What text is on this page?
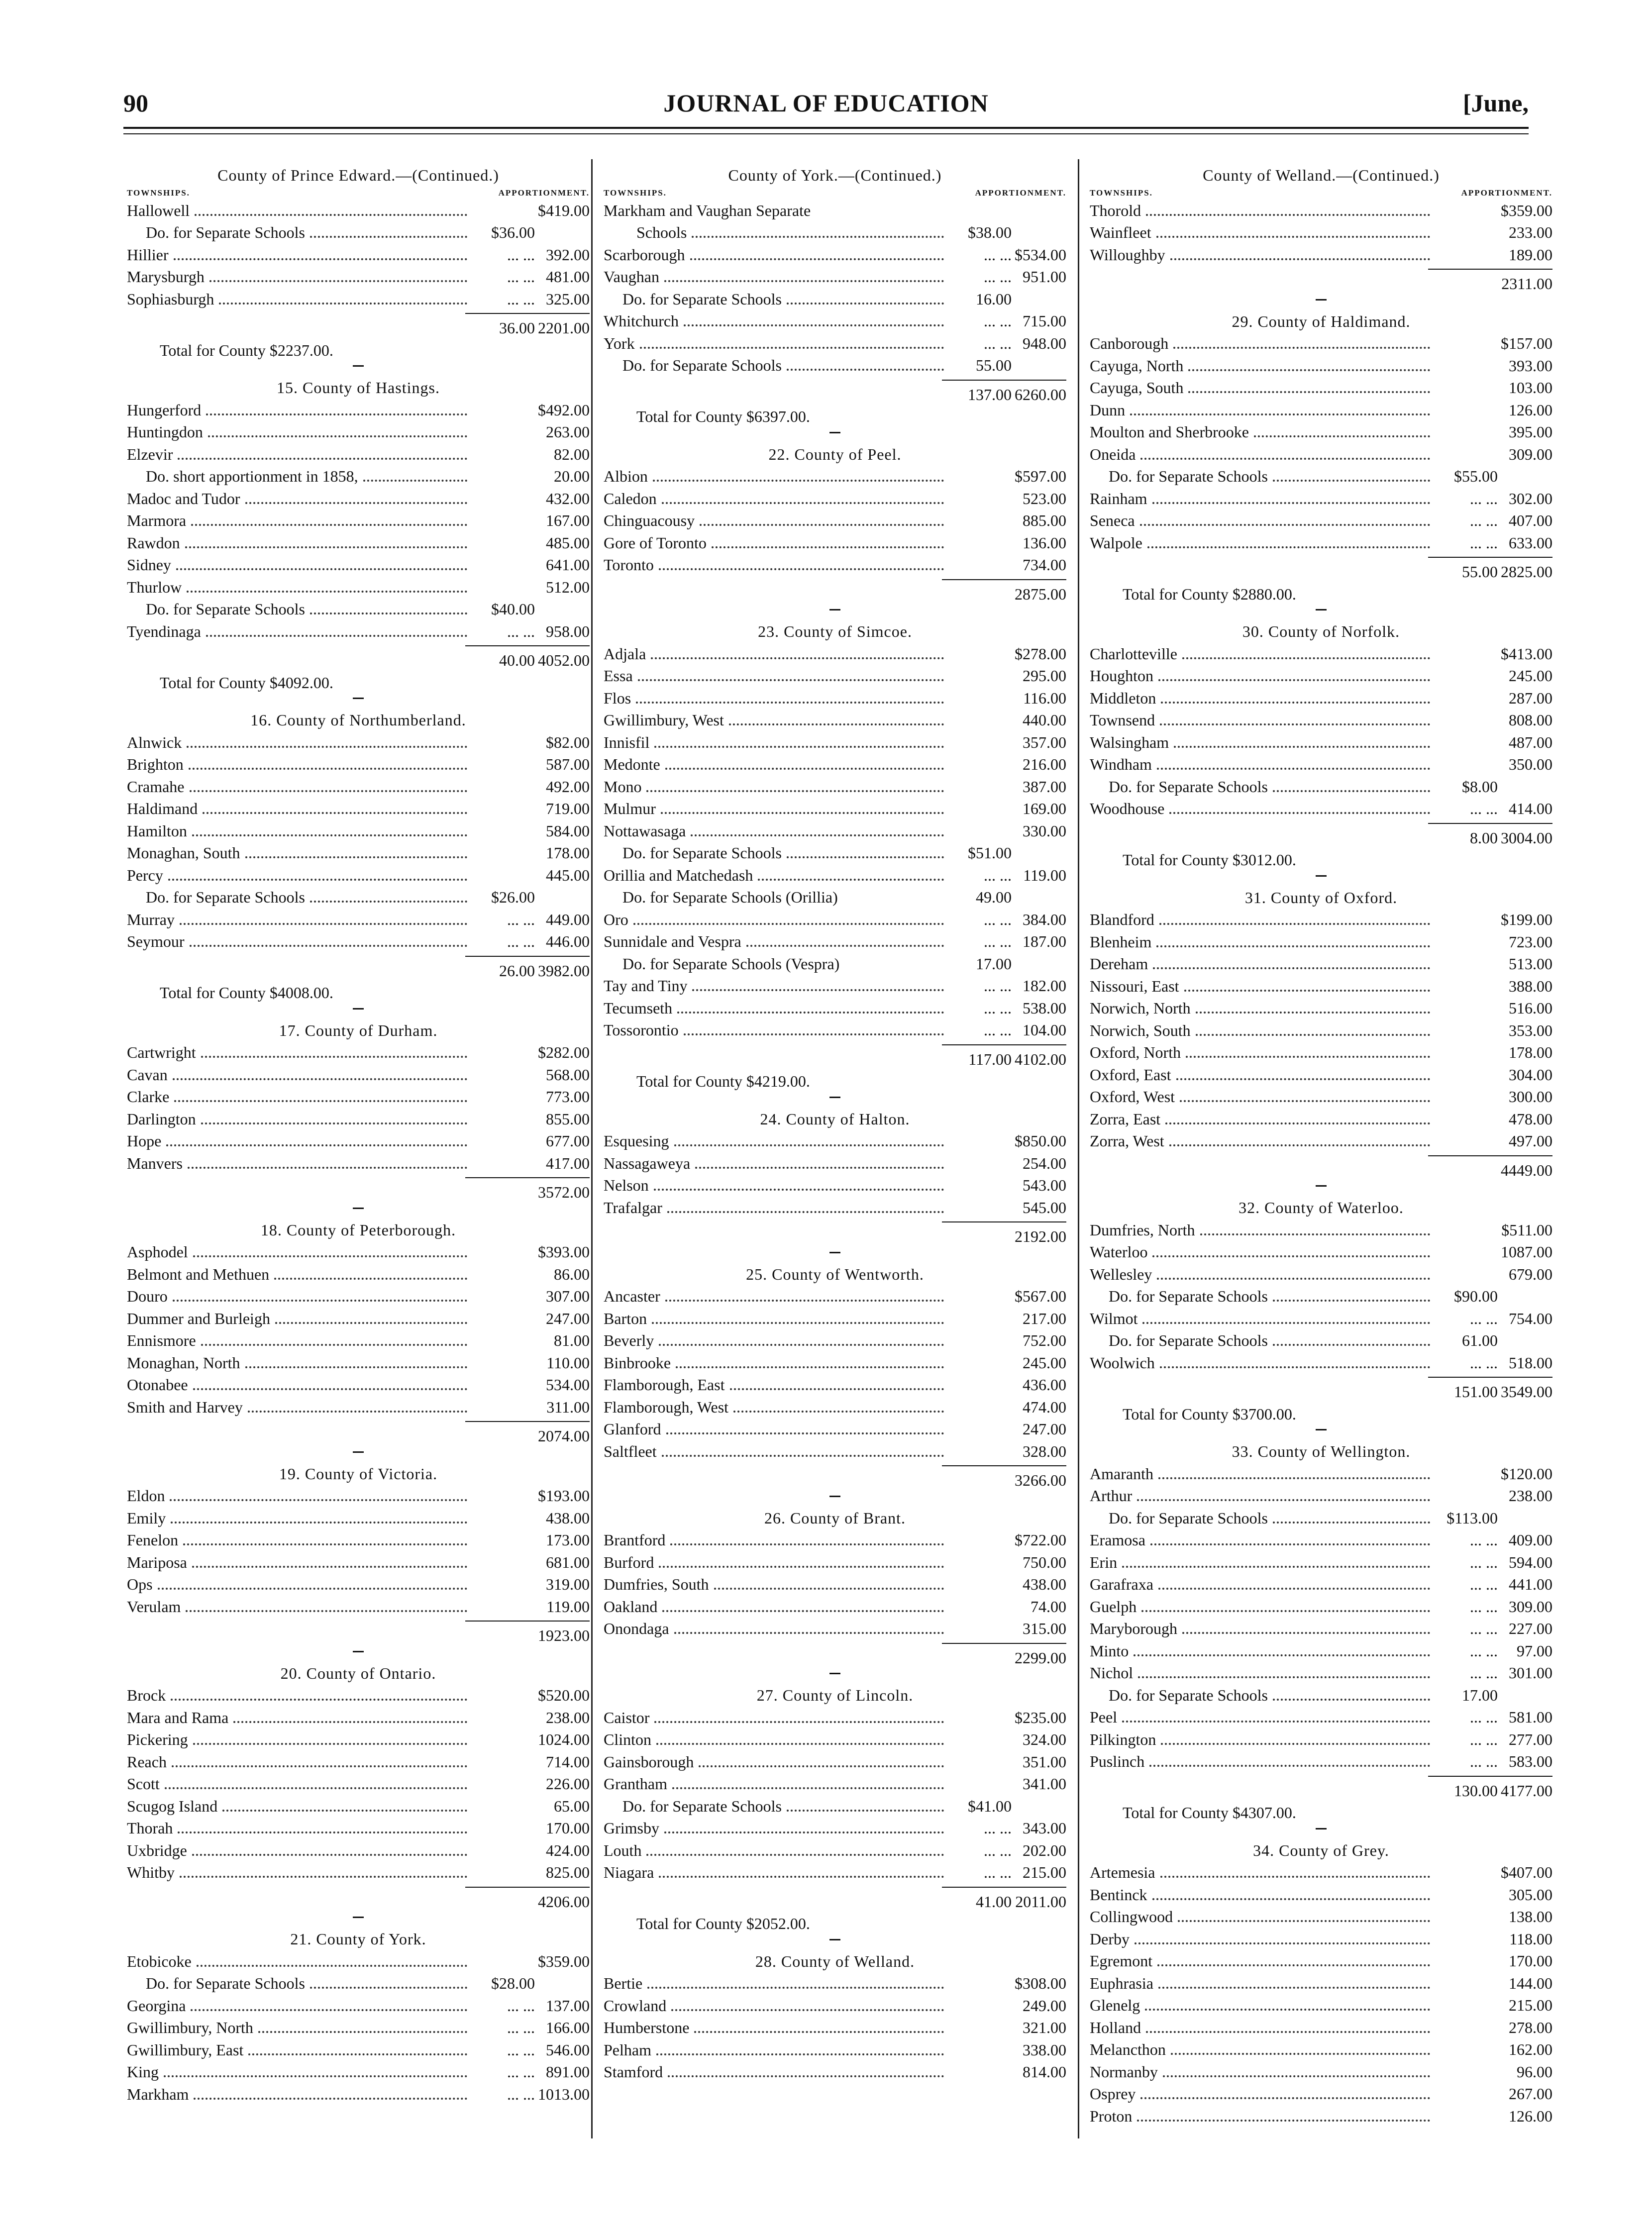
90	JOURNAL OF EDUCATION	[June,
County of Prince Edward.—(Continued.)
TOWNSHIPS.	APPORTIONMENT.
Hallowell	$419.00
Do. for Separate Schools	$36.00
Hillier	... ... 392.00
Marysburgh	... ... 481.00
Sophiasburgh	... ... 325.00
36.00 2201.00
Total for County $2237.00.
15. County of Hastings.
Hungerford	$492.00
Huntingdon	263.00
Elzevir	82.00
Do. short apportionment in 1858,	20.00
Madoc and Tudor	432.00
Marmora	167.00
Rawdon	485.00
Sidney	641.00
Thurlow	512.00
Do. for Separate Schools	$40.00
Tyendinaga	... ... 958.00
40.00 4052.00
Total for County $4092.00.
16. County of Northumberland.
Alnwick	$82.00
Brighton	587.00
Cramahe	492.00
Haldimand	719.00
Hamilton	584.00
Monaghan, South	178.00
Percy	445.00
Do. for Separate Schools	$26.00
Murray	... ... 449.00
Seymour	... ... 446.00
26.00 3982.00
Total for County $4008.00.
17. County of Durham.
Cartwright	$282.00
Cavan	568.00
Clarke	773.00
Darlington	855.00
Hope	677.00
Manvers	417.00
3572.00
18. County of Peterborough.
Asphodel	$393.00
Belmont and Methuen	86.00
Douro	307.00
Dummer and Burleigh	247.00
Ennismore	81.00
Monaghan, North	110.00
Otonabee	534.00
Smith and Harvey	311.00
2074.00
19. County of Victoria.
Eldon	$193.00
Emily	438.00
Fenelon	173.00
Mariposa	681.00
Ops	319.00
Verulam	119.00
1923.00
20. County of Ontario.
Brock	$520.00
Mara and Rama	238.00
Pickering	1024.00
Reach	714.00
Scott	226.00
Scugog Island	65.00
Thorah	170.00
Uxbridge	424.00
Whitby	825.00
4206.00
21. County of York.
Etobicoke	$359.00
Do. for Separate Schools	$28.00
Georgina	... ... 137.00
Gwillimbury, North	... ... 166.00
Gwillimbury, East	... ... 546.00
King	... ... 891.00
Markham	... ... 1013.00
County of York.—(Continued.)
TOWNSHIPS.	APPORTIONMENT.
Markham and Vaughan Separate
Schools	$38.00
Scarborough	... ... $534.00
Vaughan	... ... 951.00
Do. for Separate Schools	16.00
Whitchurch	... ... 715.00
York	... ... 948.00
Do. for Separate Schools	55.00
137.00 6260.00
Total for County $6397.00.
22. County of Peel.
Albion	$597.00
Caledon	523.00
Chinguacousy	885.00
Gore of Toronto	136.00
Toronto	734.00
2875.00
23. County of Simcoe.
Adjala	$278.00
Essa	295.00
Flos	116.00
Gwillimbury, West	440.00
Innisfil	357.00
Medonte	216.00
Mono	387.00
Mulmur	169.00
Nottawasaga	330.00
Do. for Separate Schools	$51.00
Orillia and Matchedash	... ... 119.00
Do. for Separate Schools (Orillia)	49.00
Oro	... ... 384.00
Sunnidale and Vespra	... ... 187.00
Do. for Separate Schools (Vespra)	17.00
Tay and Tiny	... ... 182.00
Tecumseth	... ... 538.00
Tossorontio	... ... 104.00
117.00 4102.00
Total for County $4219.00.
24. County of Halton.
Esquesing	$850.00
Nassagaweya	254.00
Nelson	543.00
Trafalgar	545.00
2192.00
25. County of Wentworth.
Ancaster	$567.00
Barton	217.00
Beverly	752.00
Binbrooke	245.00
Flamborough, East	436.00
Flamborough, West	474.00
Glanford	247.00
Saltfleet	328.00
3266.00
26. County of Brant.
Brantford	$722.00
Burford	750.00
Dumfries, South	438.00
Oakland	74.00
Onondaga	315.00
2299.00
27. County of Lincoln.
Caistor	$235.00
Clinton	324.00
Gainsborough	351.00
Grantham	341.00
Do. for Separate Schools	$41.00
Grimsby	... ... 343.00
Louth	... ... 202.00
Niagara	... ... 215.00
41.00 2011.00
Total for County $2052.00.
28. County of Welland.
Bertie	$308.00
Crowland	249.00
Humberstone	321.00
Pelham	338.00
Stamford	814.00
County of Welland.—(Continued.)
TOWNSHIPS.	APPORTIONMENT.
Thorold	$359.00
Wainfleet	233.00
Willoughby	189.00
2311.00
29. County of Haldimand.
Canborough	$157.00
Cayuga, North	393.00
Cayuga, South	103.00
Dunn	126.00
Moulton and Sherbrooke	395.00
Oneida	309.00
Do. for Separate Schools	$55.00
Rainham	... ... 302.00
Seneca	... ... 407.00
Walpole	... ... 633.00
55.00 2825.00
Total for County $2880.00.
30. County of Norfolk.
Charlotteville	$413.00
Houghton	245.00
Middleton	287.00
Townsend	808.00
Walsingham	487.00
Windham	350.00
Do. for Separate Schools	$8.00
Woodhouse	... ... 414.00
8.00 3004.00
Total for County $3012.00.
31. County of Oxford.
Blandford	$199.00
Blenheim	723.00
Dereham	513.00
Nissouri, East	388.00
Norwich, North	516.00
Norwich, South	353.00
Oxford, North	178.00
Oxford, East	304.00
Oxford, West	300.00
Zorra, East	478.00
Zorra, West	497.00
4449.00
32. County of Waterloo.
Dumfries, North	$511.00
Waterloo	1087.00
Wellesley	679.00
Do. for Separate Schools	$90.00
Wilmot	... ... 754.00
Do. for Separate Schools	61.00
Woolwich	... ... 518.00
151.00 3549.00
Total for County $3700.00.
33. County of Wellington.
Amaranth	$120.00
Arthur	238.00
Do. for Separate Schools	$113.00
Eramosa	... ... 409.00
Erin	... ... 594.00
Garafraxa	... ... 441.00
Guelph	... ... 309.00
Maryborough	... ... 227.00
Minto	... ...	97.00
Nichol	... ... 301.00
Do. for Separate Schools	17.00
Peel	... ... 581.00
Pilkington	... ... 277.00
Puslinch	... ... 583.00
130.00 4177.00
Total for County $4307.00.
34. County of Grey.
Artemesia	$407.00
Bentinck	305.00
Collingwood	138.00
Derby	118.00
Egremont	170.00
Euphrasia	144.00
Glenelg	215.00
Holland	278.00
Melancthon	162.00
Normanby	96.00
Osprey	267.00
Proton	126.00
